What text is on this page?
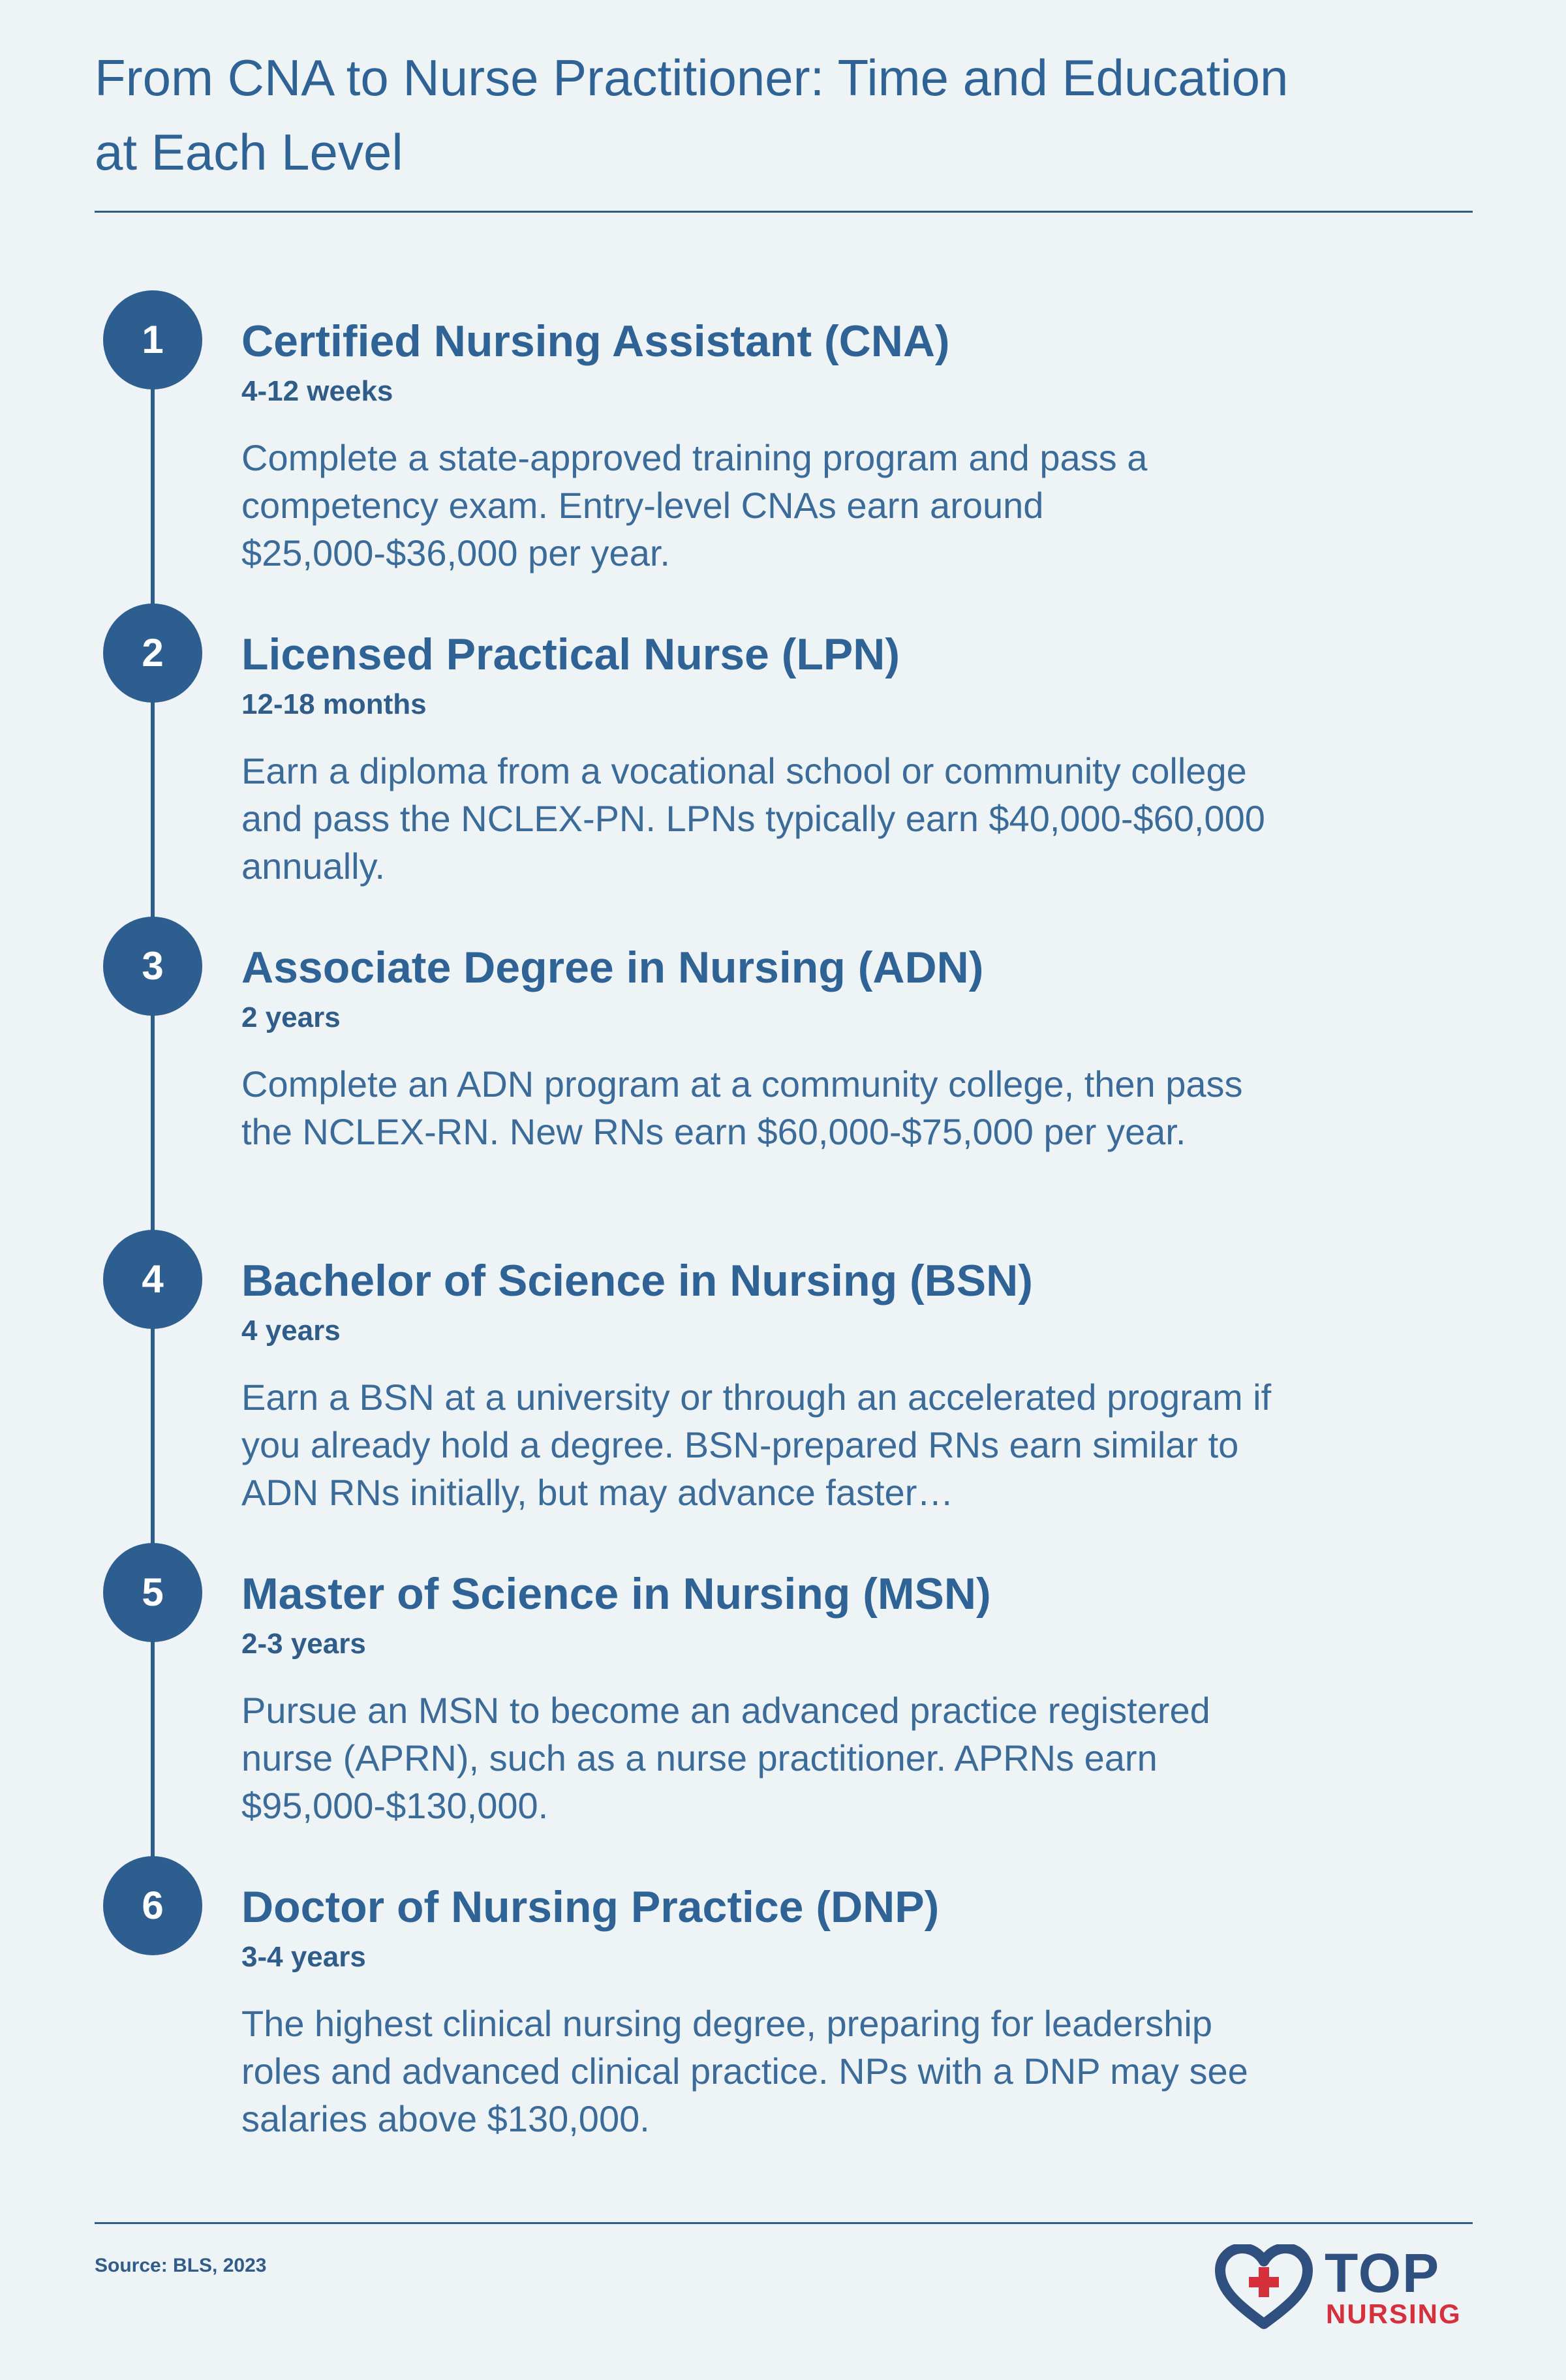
From CNA to Nurse Practitioner: Time and Education at Each Level
1	Certified Nursing Assistant (CNA)
4-12 weeks
Complete a state-approved training program and pass a competency exam. Entry-level CNAs earn around $25,000-$36,000 per year.
2	Licensed Practical Nurse (LPN)
12-18 months
Earn a diploma from a vocational school or community college and pass the NCLEX-PN. LPNs typically earn $40,000-$60,000 annually.
3	Associate Degree in Nursing (ADN)
2 years
Complete an ADN program at a community college, then pass the NCLEX-RN. New RNs earn $60,000-$75,000 per year.
4	Bachelor of Science in Nursing (BSN)
4 years
Earn a BSN at a university or through an accelerated program if you already hold a degree. BSN-prepared RNs earn similar to ADN RNs initially, but may advance faster…
5	Master of Science in Nursing (MSN)
2-3 years
Pursue an MSN to become an advanced practice registered nurse (APRN), such as a nurse practitioner. APRNs earn $95,000-$130,000.
6	Doctor of Nursing Practice (DNP)
3-4 years
The highest clinical nursing degree, preparing for leadership roles and advanced clinical practice. NPs with a DNP may see salaries above $130,000.
Source: BLS, 2023	TOP
NURSING
